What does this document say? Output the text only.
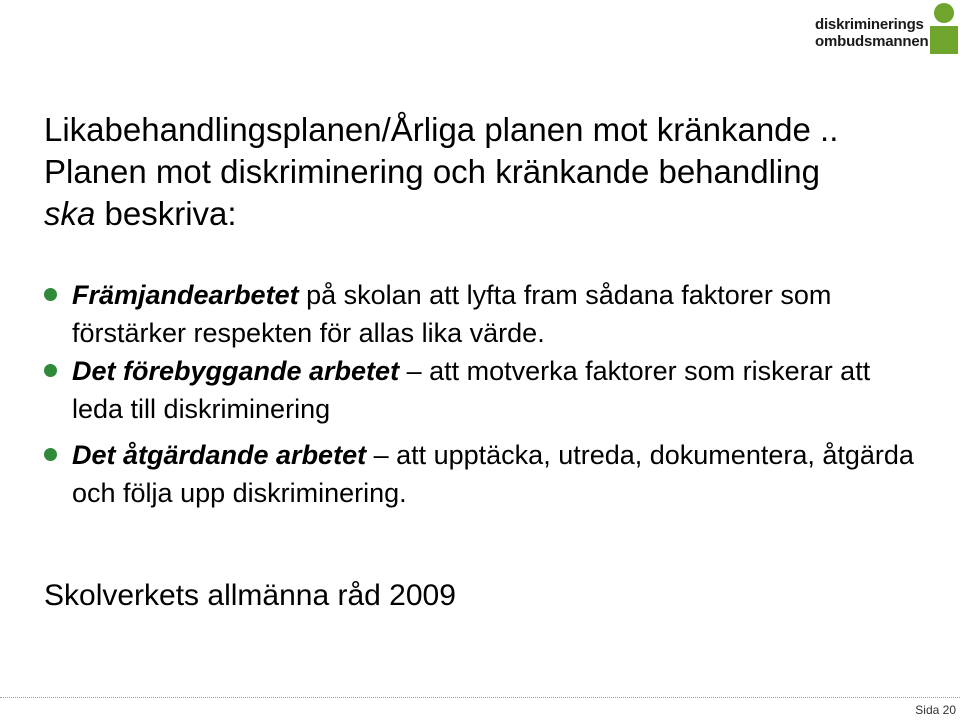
diskriminerings
ombudsmannen
Likabehandlingsplanen/Årliga planen mot kränkande ..
Planen mot diskriminering och kränkande behandling
ska beskriva:
Främjandearbetet på skolan att lyfta fram sådana faktorer som förstärker respekten för allas lika värde.
Det förebyggande arbetet – att motverka faktorer som riskerar att leda till diskriminering
Det åtgärdande arbetet – att upptäcka, utreda, dokumentera, åtgärda och följa upp diskriminering.
Skolverkets allmänna råd 2009
Sida 20
